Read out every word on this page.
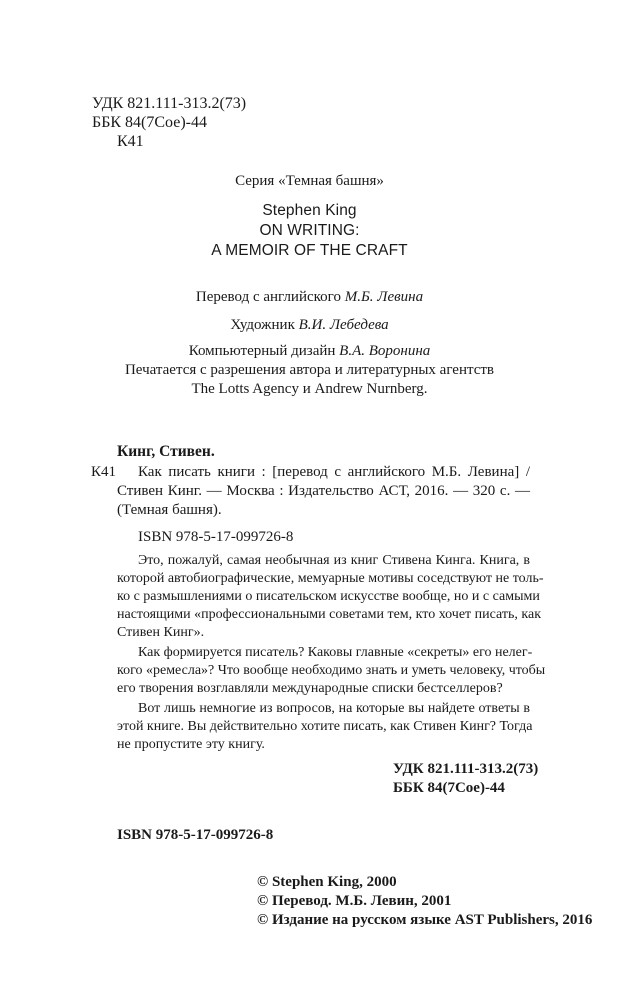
УДК 821.111-313.2(73)
ББК 84(7Сое)-44
К41
Серия «Темная башня»
Stephen King
ON WRITING:
A MEMOIR OF THE CRAFT
Перевод с английского М.Б. Левина
Художник В.И. Лебедева
Компьютерный дизайн В.А. Воронина
Печатается с разрешения автора и литературных агентств
The Lotts Agency и Andrew Nurnberg.
Кинг, Стивен.
К41 Как писать книги : [перевод с английского М.Б. Левина] /
Стивен Кинг. — Москва : Издательство АСТ, 2016. — 320 с. —
(Темная башня).
ISBN 978-5-17-099726-8
Это, пожалуй, самая необычная из книг Стивена Кинга. Книга, в
которой автобиографические, мемуарные мотивы соседствуют не толь-
ко с размышлениями о писательском искусстве вообще, но и с самыми
настоящими «профессиональными советами тем, кто хочет писать, как
Стивен Кинг».
Как формируется писатель? Каковы главные «секреты» его нелег-
кого «ремесла»? Что вообще необходимо знать и уметь человеку, чтобы
его творения возглавляли международные списки бестселлеров?
Вот лишь немногие из вопросов, на которые вы найдете ответы в
этой книге. Вы действительно хотите писать, как Стивен Кинг? Тогда
не пропустите эту книгу.
УДК 821.111-313.2(73)
ББК 84(7Сое)-44
ISBN 978-5-17-099726-8
© Stephen King, 2000
© Перевод. М.Б. Левин, 2001
© Издание на русском языке AST Publishers, 2016
